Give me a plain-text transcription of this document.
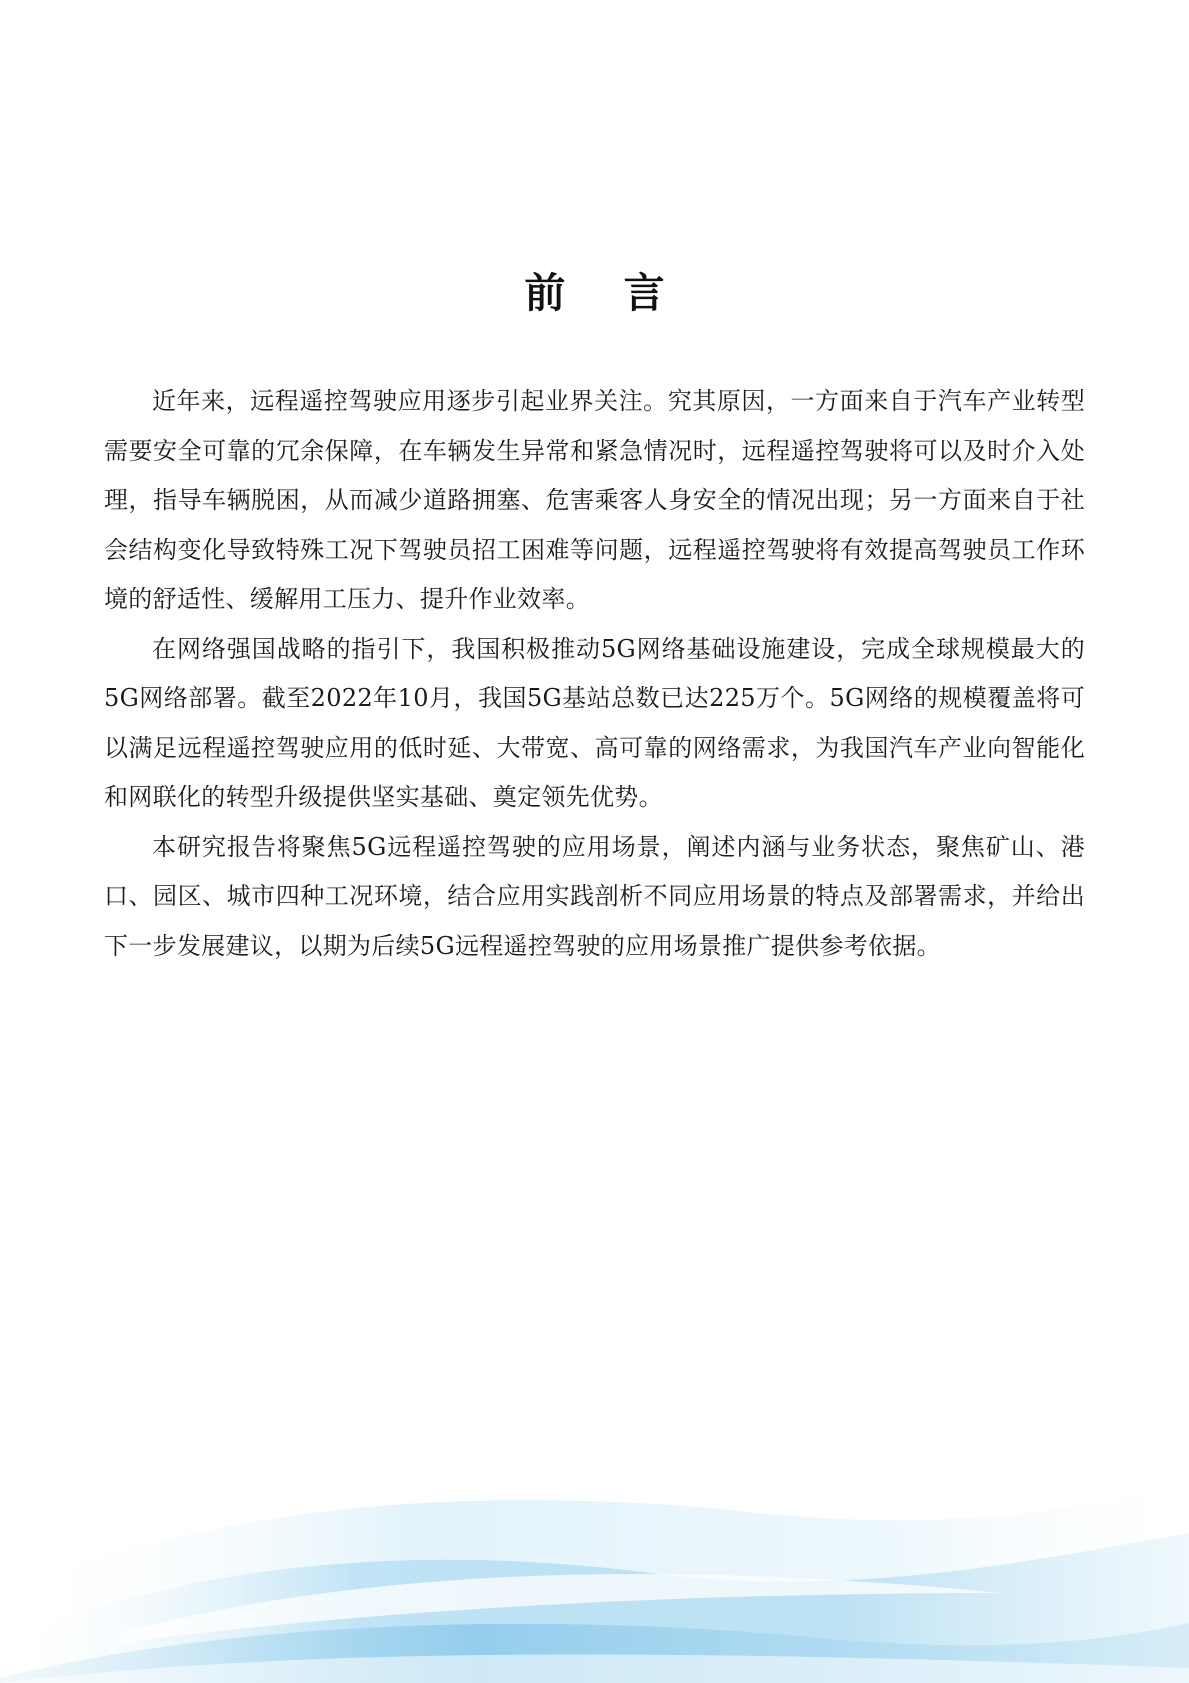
前 言

近年来，远程遥控驾驶应用逐步引起业界关注。究其原因，一方面来自于汽车产业转型需要安全可靠的冗余保障，在车辆发生异常和紧急情况时，远程遥控驾驶将可以及时介入处理，指导车辆脱困，从而减少道路拥塞、危害乘客人身安全的情况出现；另一方面来自于社会结构变化导致特殊工况下驾驶员招工困难等问题，远程遥控驾驶将有效提高驾驶员工作环境的舒适性、缓解用工压力、提升作业效率。

在网络强国战略的指引下，我国积极推动5G网络基础设施建设，完成全球规模最大的5G网络部署。截至2022年10月，我国5G基站总数已达225万个。5G网络的规模覆盖将可以满足远程遥控驾驶应用的低时延、大带宽、高可靠的网络需求，为我国汽车产业向智能化和网联化的转型升级提供坚实基础、奠定领先优势。

本研究报告将聚焦5G远程遥控驾驶的应用场景，阐述内涵与业务状态，聚焦矿山、港口、园区、城市四种工况环境，结合应用实践剖析不同应用场景的特点及部署需求，并给出下一步发展建议，以期为后续5G远程遥控驾驶的应用场景推广提供参考依据。
